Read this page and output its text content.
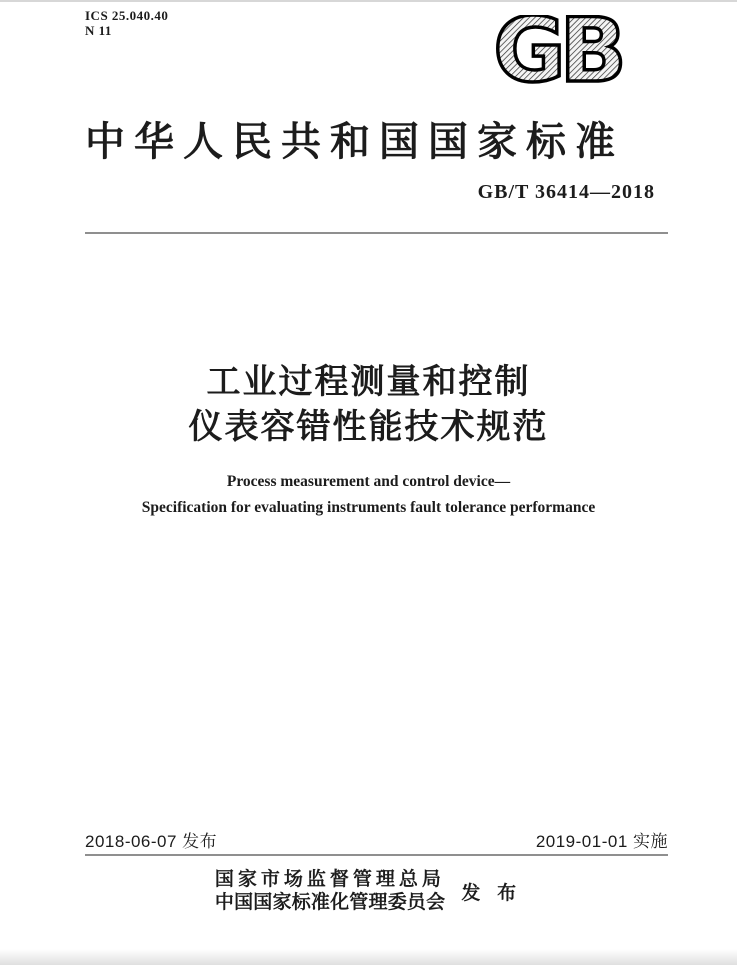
ICS 25.040.40
N 11	GB
中华人民共和国国家标准
GB/T 36414—2018
工业过程测量和控制
仪表容错性能技术规范
Process measurement and control device—
Specification for evaluating instruments fault tolerance performance
2018-06-07 发布	2019-01-01 实施
国家市场监督管理总局
中国国家标准化管理委员会 发 布
